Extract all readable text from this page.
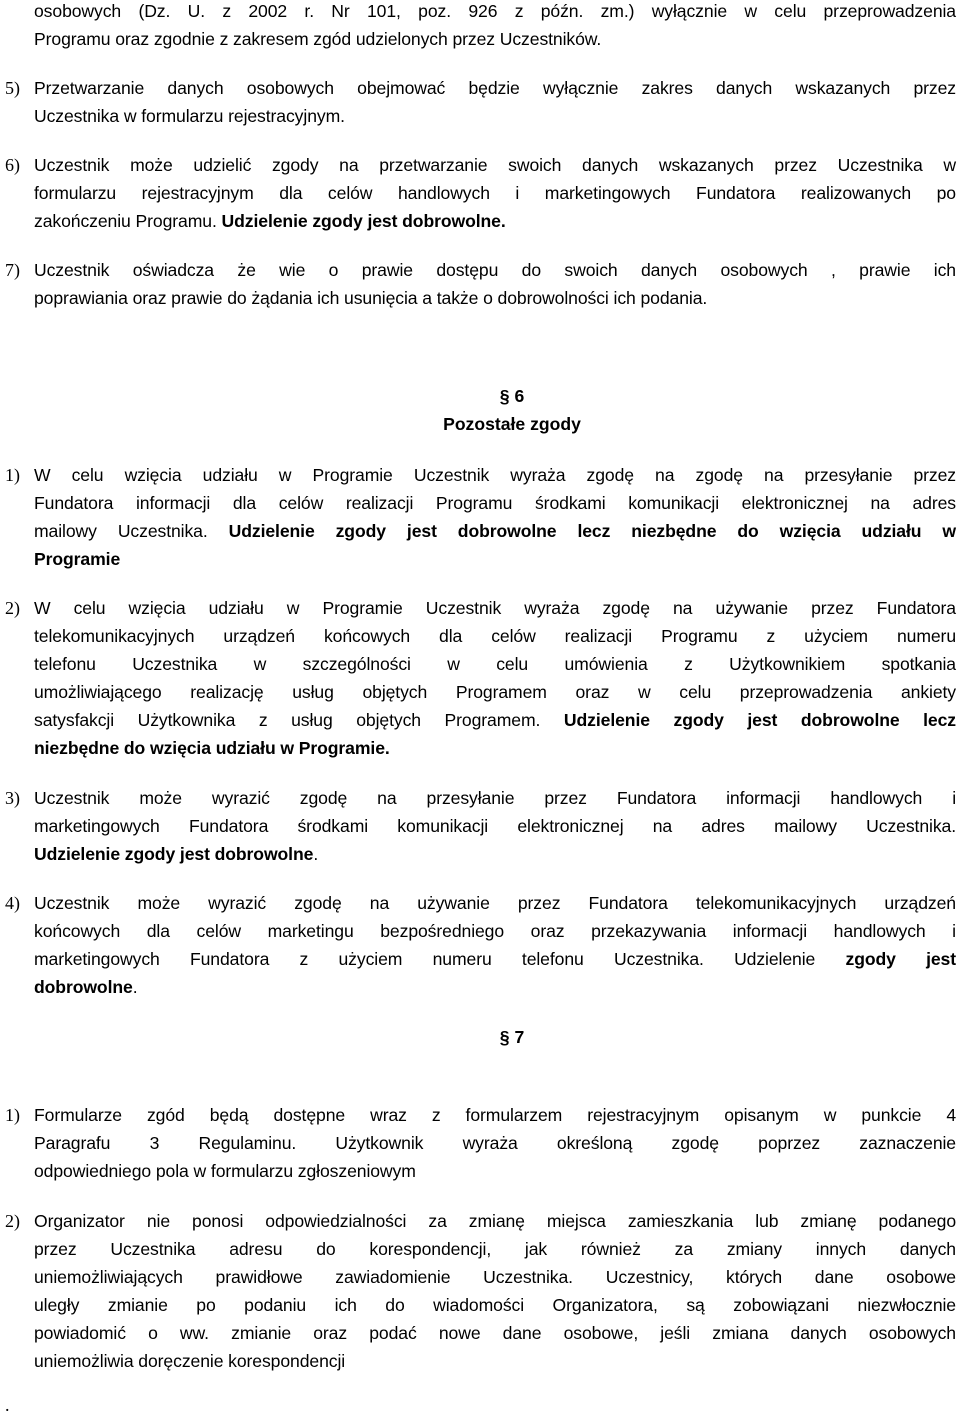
osobowych (Dz. U. z 2002 r. Nr 101, poz. 926 z późn. zm.) wyłącznie w celu przeprowadzenia
Programu oraz zgodnie z zakresem zgód udzielonych przez Uczestników.
5) Przetwarzanie danych osobowych obejmować będzie wyłącznie zakres danych wskazanych przez
Uczestnika w formularzu rejestracyjnym.
6) Uczestnik może udzielić zgody na przetwarzanie swoich danych wskazanych przez Uczestnika w
formularzu rejestracyjnym dla celów handlowych i marketingowych Fundatora realizowanych po
zakończeniu Programu. Udzielenie zgody jest dobrowolne.
7) Uczestnik oświadcza że wie o prawie dostępu do swoich danych osobowych , prawie ich
poprawiania oraz prawie do żądania ich usunięcia a także o dobrowolności ich podania.
§ 6
Pozostałe zgody
1) W celu wzięcia udziału w Programie Uczestnik wyraża zgodę na zgodę na przesyłanie przez
Fundatora informacji dla celów realizacji Programu środkami komunikacji elektronicznej na adres
mailowy Uczestnika. Udzielenie zgody jest dobrowolne lecz niezbędne do wzięcia udziału w
Programie
2) W celu wzięcia udziału w Programie Uczestnik wyraża zgodę na używanie przez Fundatora
telekomunikacyjnych urządzeń końcowych dla celów realizacji Programu z użyciem numeru
telefonu Uczestnika w szczególności w celu umówienia z Użytkownikiem spotkania
umożliwiającego realizację usług objętych Programem oraz w celu przeprowadzenia ankiety
satysfakcji Użytkownika z usług objętych Programem. Udzielenie zgody jest dobrowolne lecz
niezbędne do wzięcia udziału w Programie.
3) Uczestnik może wyrazić zgodę na przesyłanie przez Fundatora informacji handlowych i
marketingowych Fundatora środkami komunikacji elektronicznej na adres mailowy Uczestnika.
Udzielenie zgody jest dobrowolne.
4) Uczestnik może wyrazić zgodę na używanie przez Fundatora telekomunikacyjnych urządzeń
końcowych dla celów marketingu bezpośredniego oraz przekazywania informacji handlowych i
marketingowych Fundatora z użyciem numeru telefonu Uczestnika. Udzielenie zgody jest
dobrowolne.
§ 7
1) Formularze zgód będą dostępne wraz z formularzem rejestracyjnym opisanym w punkcie 4
Paragrafu 3 Regulaminu. Użytkownik wyraża określoną zgodę poprzez zaznaczenie
odpowiedniego pola w formularzu zgłoszeniowym
2) Organizator nie ponosi odpowiedzialności za zmianę miejsca zamieszkania lub zmianę podanego
przez Uczestnika adresu do korespondencji, jak również za zmiany innych danych
uniemożliwiających prawidłowe zawiadomienie Uczestnika. Uczestnicy, których dane osobowe
uległy zmianie po podaniu ich do wiadomości Organizatora, są zobowiązani niezwłocznie
powiadomić o ww. zmianie oraz podać nowe dane osobowe, jeśli zmiana danych osobowych
uniemożliwia doręczenie korespondencji
.
